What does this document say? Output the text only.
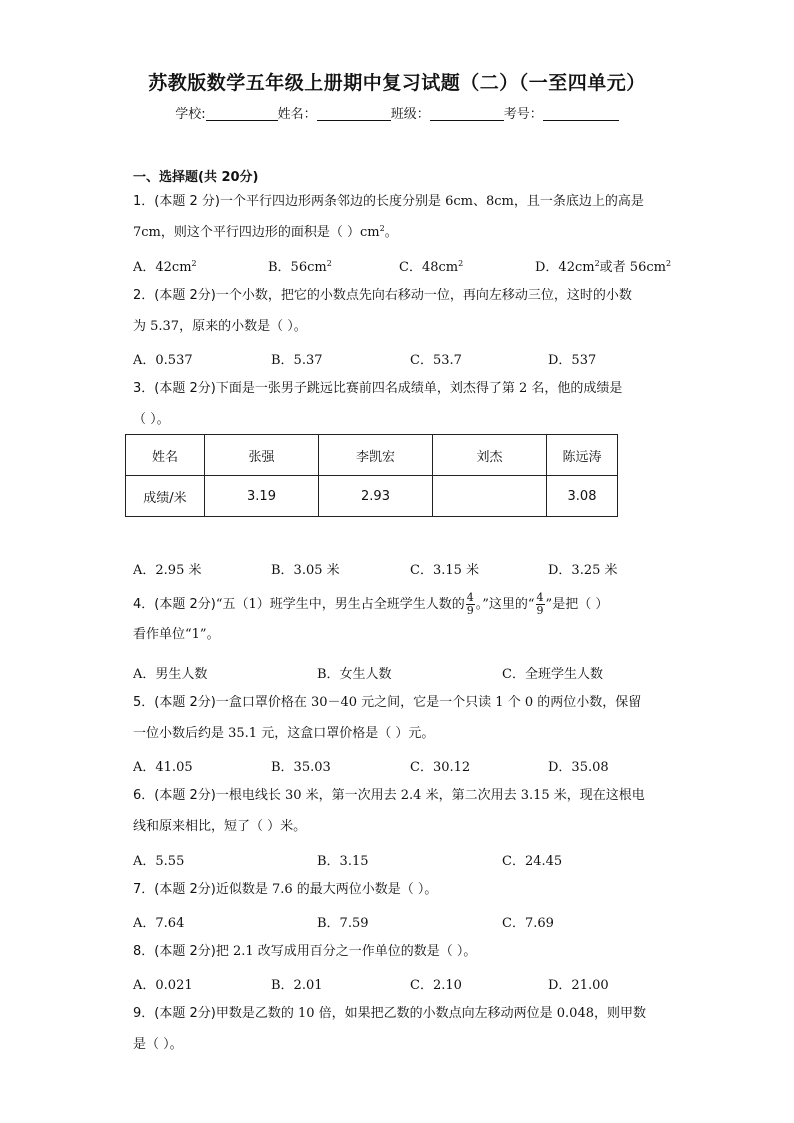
苏教版数学五年级上册期中复习试题（二）（一至四单元）
学校:	姓名：	班级：	考号：
一、选择题(共 20分)
1．(本题 2 分)一个平行四边形两条邻边的长度分别是 6cm、8cm，且一条底边上的高是
7cm，则这个平行四边形的面积是（ ）$cm^2$。
A．$42cm^2$	B．$56cm^2$	C．$48cm^2$	D．$42cm^2$或者 $56cm^2$
2．(本题 2分)一个小数，把它的小数点先向右移动一位，再向左移动三位，这时的小数
为 5.37，原来的小数是（ ）。
A．0.537	B．5.37	C．53.7	D．537
3．(本题 2分)下面是一张男子跳远比赛前四名成绩单，刘杰得了第 2 名，他的成绩是
（ ）。
姓名	张强	李凯宏	刘杰	陈远涛
成绩/米	3.19	2.93		3.08
A．2.95 米	B．3.05 米	C．3.15 米	D．3.25 米
4．(本题 2分)“五（1）班学生中，男生占全班学生人数的 $\frac{4}{9}$ 。”这里的“ $\frac{4}{9}$ ”是把（ ）
看作单位“1”。
A．男生人数	B．女生人数	C．全班学生人数
5．(本题 2分)一盒口罩价格在 30－40 元之间，它是一个只读 1 个 0 的两位小数，保留
一位小数后约是 35.1 元，这盒口罩价格是（ ）元。
A．41.05	B．35.03	C．30.12	D．35.08
6．(本题 2分)一根电线长 30 米，第一次用去 2.4 米，第二次用去 3.15 米，现在这根电
线和原来相比，短了（ ）米。
A．5.55	B．3.15	C．24.45
7．(本题 2分)近似数是 7.6 的最大两位小数是（ ）。
A．7.64	B．7.59	C．7.69
8．(本题 2分)把 2.1 改写成用百分之一作单位的数是（ ）。
A．0.021	B．2.01	C．2.10	D．21.00
9．(本题 2分)甲数是乙数的 10 倍，如果把乙数的小数点向左移动两位是 0.048，则甲数
是（ ）。
